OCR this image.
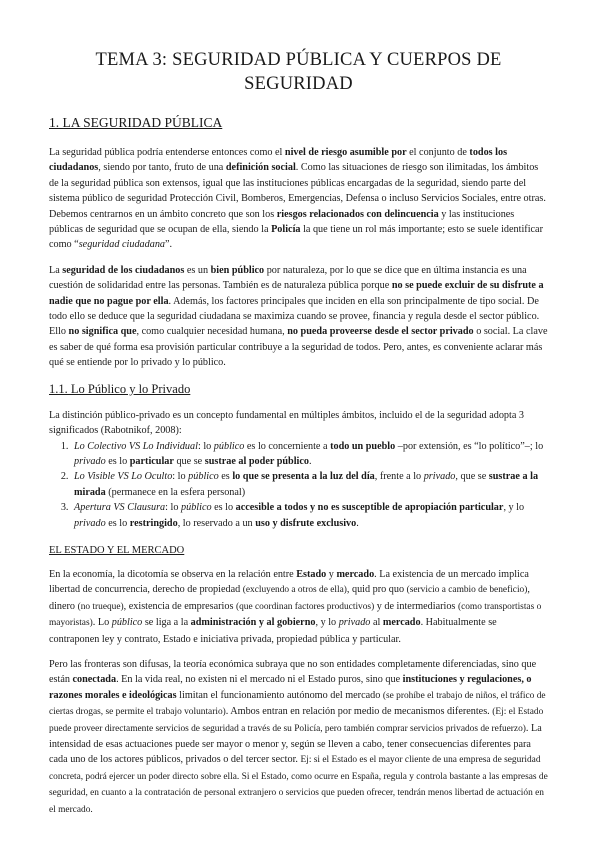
TEMA 3: SEGURIDAD PÚBLICA Y CUERPOS DE SEGURIDAD
1. LA SEGURIDAD PÚBLICA

La seguridad pública podría entenderse entonces como el nivel de riesgo asumible por el conjunto de todos los ciudadanos, siendo por tanto, fruto de una definición social. Como las situaciones de riesgo son ilimitadas, los ámbitos de la seguridad pública son extensos, igual que las instituciones públicas encargadas de la seguridad, siendo parte del sistema público de seguridad Protección Civil, Bomberos, Emergencias, Defensa o incluso Servicios Sociales, entre otras. Debemos centrarnos en un ámbito concreto que son los riesgos relacionados con delincuencia y las instituciones públicas de seguridad que se ocupan de ella, siendo la Policía la que tiene un rol más importante; esto se suele identificar como “seguridad ciudadana”.

La seguridad de los ciudadanos es un bien público por naturaleza, por lo que se dice que en última instancia es una cuestión de solidaridad entre las personas. También es de naturaleza pública porque no se puede excluir de su disfrute a nadie que no pague por ella. Además, los factores principales que inciden en ella son principalmente de tipo social. De todo ello se deduce que la seguridad ciudadana se maximiza cuando se provee, financia y regula desde el sector público. Ello no significa que, como cualquier necesidad humana, no pueda proveerse desde el sector privado o social. La clave es saber de qué forma esa provisión particular contribuye a la seguridad de todos. Pero, antes, es conveniente aclarar más qué se entiende por lo privado y lo público.

1.1. Lo Público y lo Privado

La distinción público-privado es un concepto fundamental en múltiples ámbitos, incluido el de la seguridad adopta 3 significados (Rabotnikof, 2008):

1. Lo Colectivo VS Lo Individual: lo público es lo concerniente a todo un pueblo –por extensión, es “lo político”–; lo privado es lo particular que se sustrae al poder público.
2. Lo Visible VS Lo Oculto: lo público es lo que se presenta a la luz del día, frente a lo privado, que se sustrae a la mirada (permanece en la esfera personal)
3. Apertura VS Clausura: lo público es lo accesible a todos y no es susceptible de apropiación particular, y lo privado es lo restringido, lo reservado a un uso y disfrute exclusivo.
EL ESTADO Y EL MERCADO

En la economía, la dicotomía se observa en la relación entre Estado y mercado. La existencia de un mercado implica libertad de concurrencia, derecho de propiedad (excluyendo a otros de ella), quid pro quo (servicio a cambio de beneficio), dinero (no trueque), existencia de empresarios (que coordinan factores productivos) y de intermediarios (como transportistas o mayoristas). Lo público se liga a la administración y al gobierno, y lo privado al mercado. Habitualmente se contraponen ley y contrato, Estado e iniciativa privada, propiedad pública y particular.

Pero las fronteras son difusas, la teoría económica subraya que no son entidades completamente diferenciadas, sino que están conectada. En la vida real, no existen ni el mercado ni el Estado puros, sino que instituciones y regulaciones, o razones morales e ideológicas limitan el funcionamiento autónomo del mercado (se prohíbe el trabajo de niños, el tráfico de ciertas drogas, se permite el trabajo voluntario). Ambos entran en relación por medio de mecanismos diferentes. (Ej: el Estado puede proveer directamente servicios de seguridad a través de su Policía, pero también comprar servicios privados de refuerzo). La intensidad de esas actuaciones puede ser mayor o menor y, según se lleven a cabo, tener consecuencias diferentes para cada uno de los actores públicos, privados o del tercer sector. Ej: si el Estado es el mayor cliente de una empresa de seguridad concreta, podrá ejercer un poder directo sobre ella. Si el Estado, como ocurre en España, regula y controla bastante a las empresas de seguridad, en cuanto a la contratación de personal extranjero o servicios que pueden ofrecer, tendrán menos libertad de actuación en el mercado.
